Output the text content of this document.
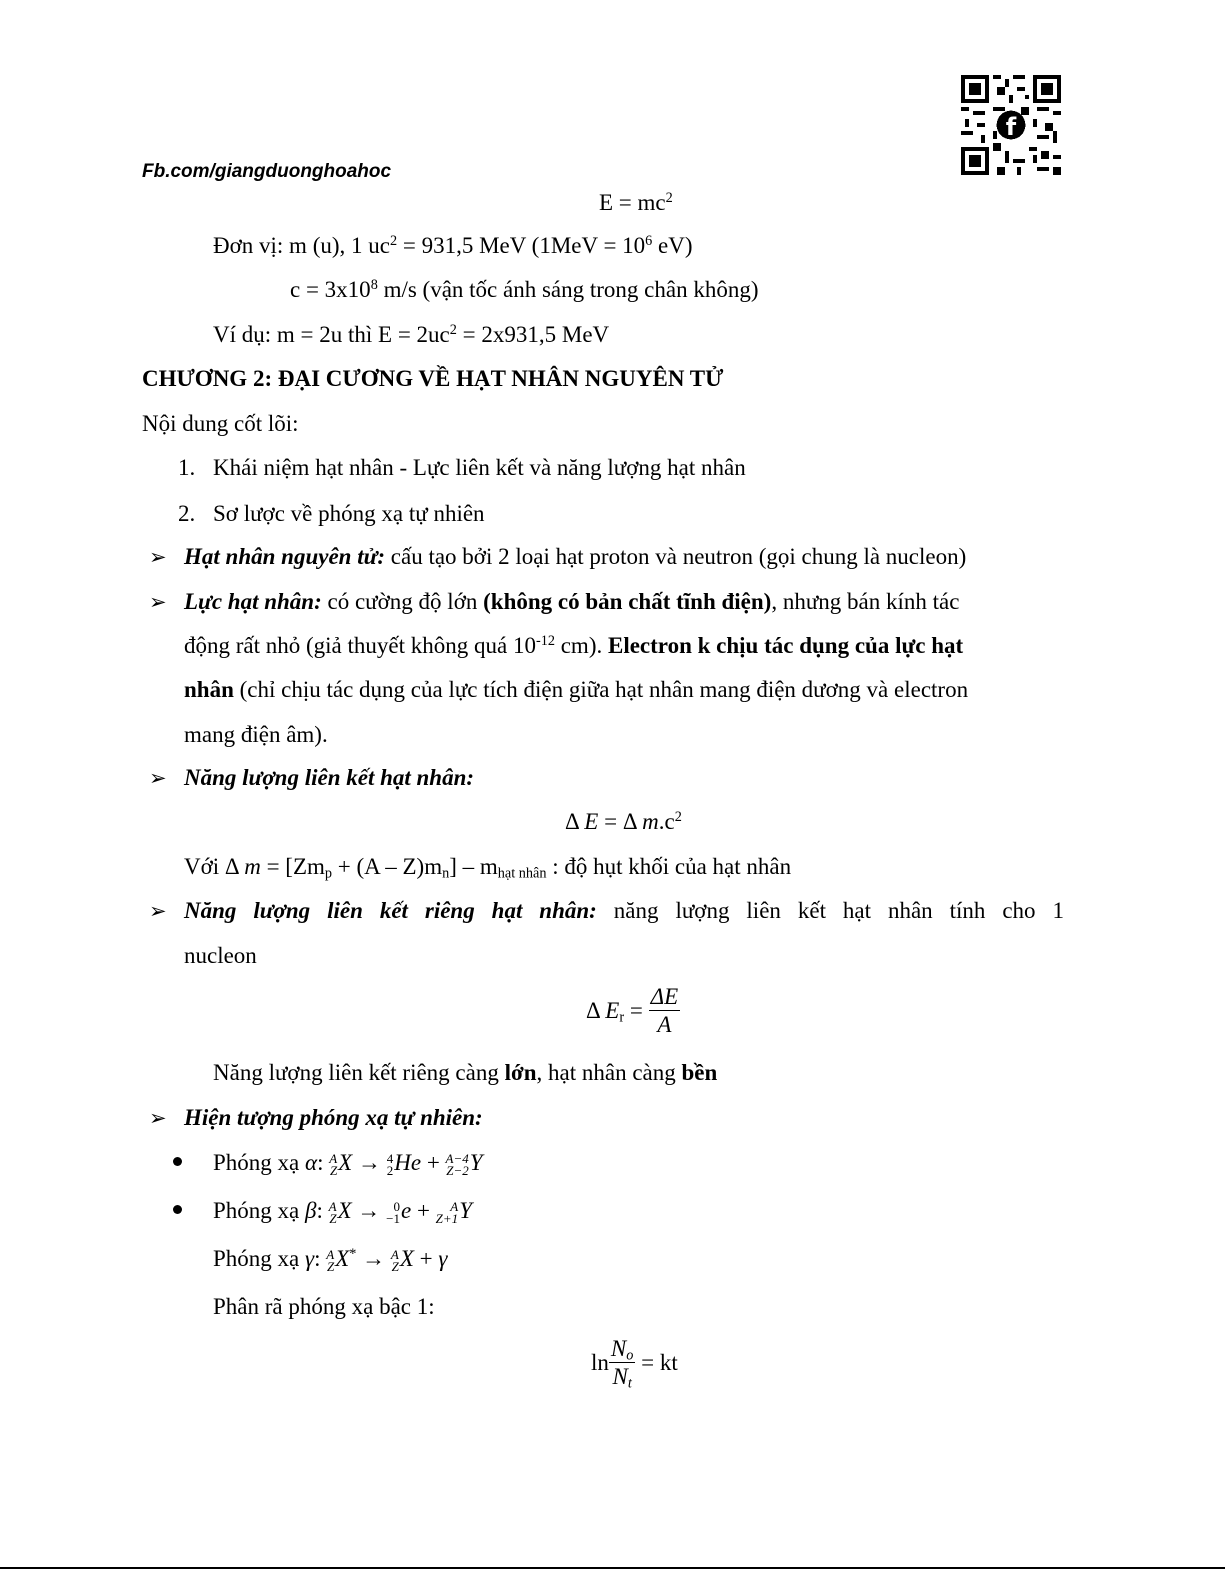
Fb.com/giangduonghoahoc
f
$E = mc^2$
Đơn vị: m (u), 1 $uc^2 = 931,5$ MeV ($1MeV = 10^6$ eV)
$c = 3x10^8$ m/s (vận tốc ánh sáng trong chân không)
Ví dụ: m = 2u thì $E = 2uc^2 = 2x931,5$ MeV
CHƯƠNG 2: ĐẠI CƯƠNG VỀ HẠT NHÂN NGUYÊN TỬ
Nội dung cốt lõi:
1. Khái niệm hạt nhân - Lực liên kết và năng lượng hạt nhân
2. Sơ lược về phóng xạ tự nhiên
➢ Hạt nhân nguyên tử: cấu tạo bởi 2 loại hạt proton và neutron (gọi chung là nucleon)
➢ Lực hạt nhân: có cường độ lớn (không có bản chất tĩnh điện), nhưng bán kính tác
động rất nhỏ (giả thuyết không quá $10^{-12}$ cm). Electron k chịu tác dụng của lực hạt
nhân (chỉ chịu tác dụng của lực tích điện giữa hạt nhân mang điện dương và electron
mang điện âm).
➢ Năng lượng liên kết hạt nhân:
Δ E = Δ $m.c^2$
Với Δ $m = [Zm_p + (A - Z)m_n] - m_{hạt nhân}$ : độ hụt khối của hạt nhân
➢ Năng lượng liên kết riêng hạt nhân: năng lượng liên kết hạt nhân tính cho 1
nucleon
Δ $E_r = \frac{\Delta E}{A}$
Năng lượng liên kết riêng càng lớn, hạt nhân càng bền
➢ Hiện tượng phóng xạ tự nhiên:
Phóng xạ α: A
Z X → 4
2 He + A−4
Z−2 Y
Phóng xạ β: A
Z X → 0
−1 e +	A
Z+1 Y
Phóng xạ γ: A
Z X* → A
Z X + γ
Phân rã phóng xạ bậc 1:
$\ln \frac{N_o}{N_t}$ = kt
